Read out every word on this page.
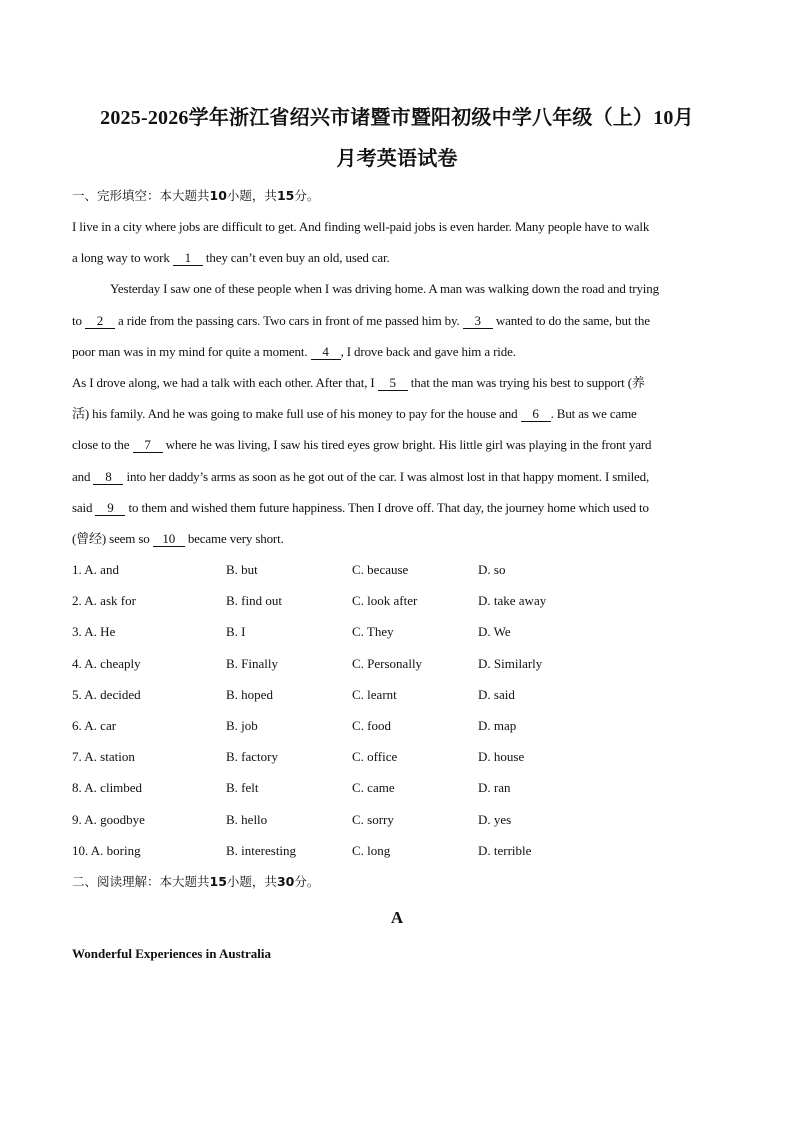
2025-2026学年浙江省绍兴市诸暨市暨阳初级中学八年级（上）10月
月考英语试卷
一、完形填空：本大题共10小题，共15分。
I live in a city where jobs are difficult to get. And finding well-paid jobs is even harder. Many people have to walk
a long way to work 1 they can’t even buy an old, used car.
Yesterday I saw one of these people when I was driving home. A man was walking down the road and trying
to 2 a ride from the passing cars. Two cars in front of me passed him by. 3 wanted to do the same, but the
poor man was in my mind for quite a moment. 4 , I drove back and gave him a ride.
As I drove along, we had a talk with each other. After that, I 5 that the man was trying his best to support (养
活) his family. And he was going to make full use of his money to pay for the house and 6 . But as we came
close to the 7 where he was living, I saw his tired eyes grow bright. His little girl was playing in the front yard
and 8 into her daddy’s arms as soon as he got out of the car. I was almost lost in that happy moment. I smiled,
said 9 to them and wished them future happiness. Then I drove off. That day, the journey home which used to
(曾经) seem so 10 became very short.
1. A. and	B. but	C. because	D. so
2. A. ask for	B. find out	C. look after	D. take away
3. A. He	B. I	C. They	D. We
4. A. cheaply	B. Finally	C. Personally	D. Similarly
5. A. decided	B. hoped	C. learnt	D. said
6. A. car	B. job	C. food	D. map
7. A. station	B. factory	C. office	D. house
8. A. climbed	B. felt	C. came	D. ran
9. A. goodbye	B. hello	C. sorry	D. yes
10. A. boring	B. interesting	C. long	D. terrible
二、阅读理解：本大题共15小题，共30分。
A
Wonderful Experiences in Australia
